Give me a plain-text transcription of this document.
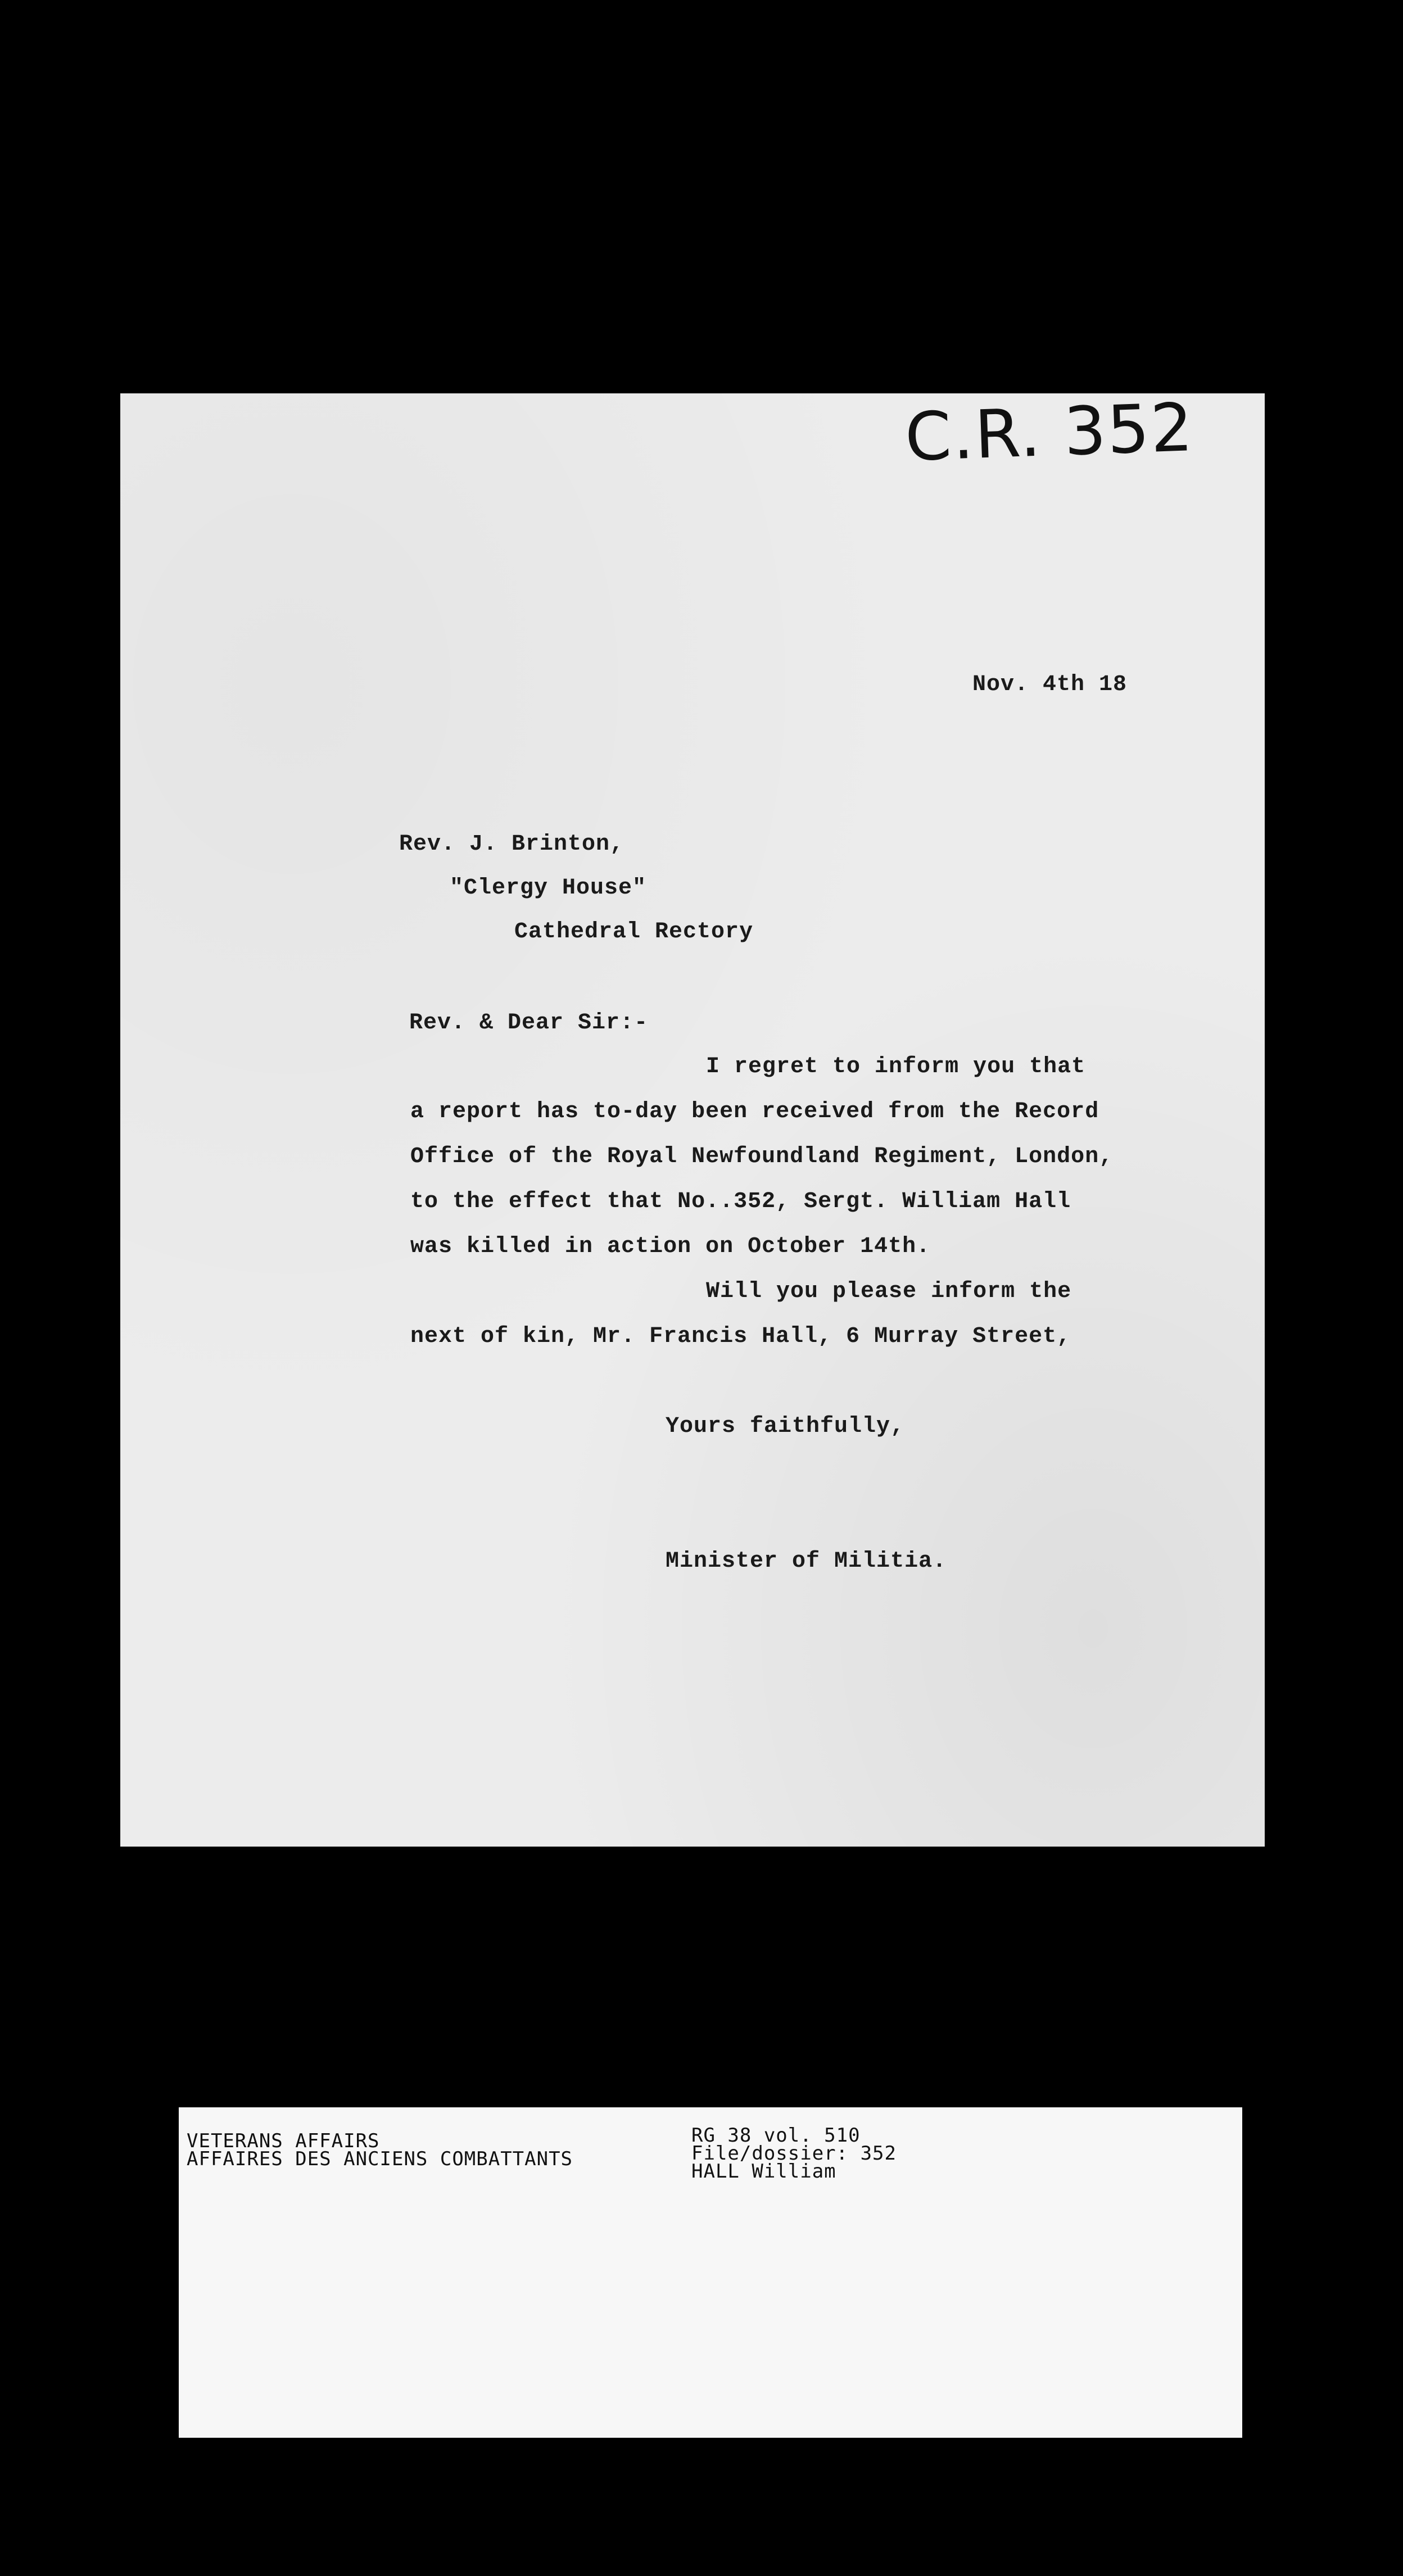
C.R. 352
Nov. 4th 18
Rev. J. Brinton,
"Clergy House"
Cathedral Rectory
Rev. & Dear Sir:-
I regret to inform you that
a report has to-day been received from the Record
Office of the Royal Newfoundland Regiment, London,
to the effect that No..352, Sergt. William Hall
was killed in action on October 14th.
Will you please inform the
next of kin, Mr. Francis Hall, 6 Murray Street,
Yours faithfully,
Minister of Militia.
VETERANS AFFAIRS
AFFAIRES DES ANCIENS COMBATTANTS
RG 38 vol. 510
File/dossier: 352
HALL William
